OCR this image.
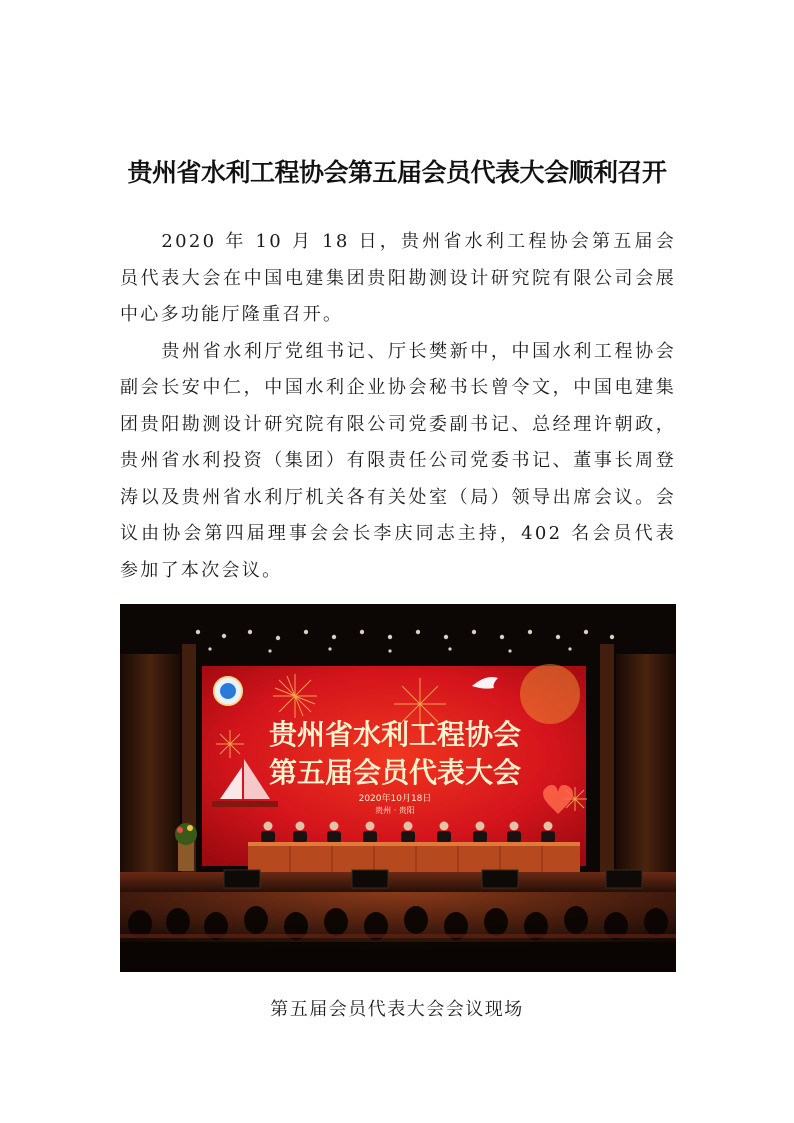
贵州省水利工程协会第五届会员代表大会顺利召开

2020 年 10 月 18 日，贵州省水利工程协会第五届会员代表大会在中国电建集团贵阳勘测设计研究院有限公司会展中心多功能厅隆重召开。

贵州省水利厅党组书记、厅长樊新中，中国水利工程协会副会长安中仁，中国水利企业协会秘书长曾令文，中国电建集团贵阳勘测设计研究院有限公司党委副书记、总经理许朝政，贵州省水利投资（集团）有限责任公司党委书记、董事长周登涛以及贵州省水利厅机关各有关处室（局）领导出席会议。会议由协会第四届理事会会长李庆同志主持，402 名会员代表参加了本次会议。

贵州省水利工程协会
第五届会员代表大会
2020年10月18日
贵州 · 贵阳

第五届会员代表大会会议现场
